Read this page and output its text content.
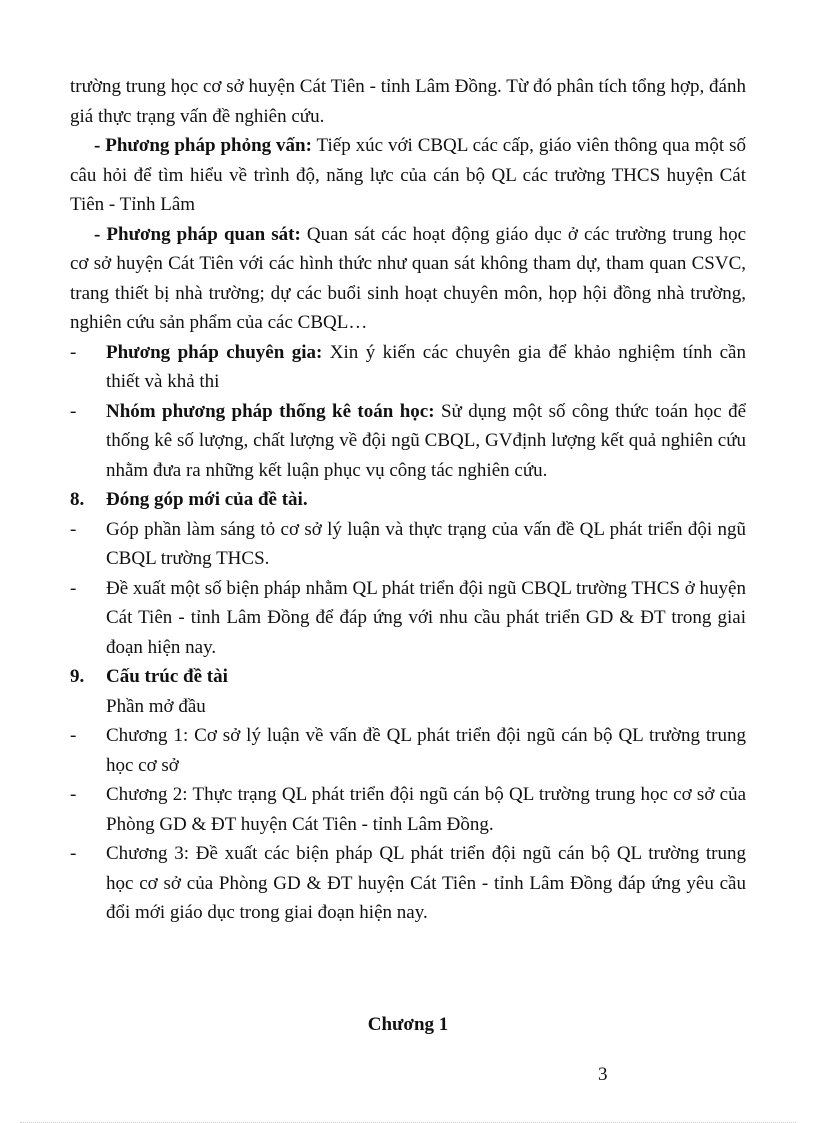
trường trung học cơ sở huyện Cát Tiên - tỉnh Lâm Đồng. Từ đó phân tích tổng hợp, đánh giá thực trạng vấn đề nghiên cứu.

- Phương pháp phỏng vấn: Tiếp xúc với CBQL các cấp, giáo viên thông qua một số câu hỏi để tìm hiểu về trình độ, năng lực của cán bộ QL các trường THCS huyện Cát Tiên - Tỉnh Lâm

- Phương pháp quan sát: Quan sát các hoạt động giáo dục ở các trường trung học cơ sở huyện Cát Tiên với các hình thức như quan sát không tham dự, tham quan CSVC, trang thiết bị nhà trường; dự các buổi sinh hoạt chuyên môn, họp hội đồng nhà trường, nghiên cứu sản phẩm của các CBQL…

- Phương pháp chuyên gia: Xin ý kiến các chuyên gia để khảo nghiệm tính cần thiết và khả thi

- Nhóm phương pháp thống kê toán học: Sử dụng một số công thức toán học để thống kê số lượng, chất lượng về đội ngũ CBQL, GVđịnh lượng kết quả nghiên cứu nhằm đưa ra những kết luận phục vụ công tác nghiên cứu.

8. Đóng góp mới của đề tài.

- Góp phần làm sáng tỏ cơ sở lý luận và thực trạng của vấn đề QL phát triển đội ngũ CBQL trường THCS.

- Đề xuất một số biện pháp nhằm QL phát triển đội ngũ CBQL trường THCS ở huyện Cát Tiên - tỉnh Lâm Đồng để đáp ứng với nhu cầu phát triển GD & ĐT trong giai đoạn hiện nay.

9. Cấu trúc đề tài

Phần mở đầu

- Chương 1: Cơ sở lý luận về vấn đề QL phát triển đội ngũ cán bộ QL trường trung học cơ sở

- Chương 2: Thực trạng QL phát triển đội ngũ cán bộ QL trường trung học cơ sở của Phòng GD & ĐT huyện Cát Tiên - tỉnh Lâm Đồng.

- Chương 3: Đề xuất các biện pháp QL phát triển đội ngũ cán bộ QL trường trung học cơ sở của Phòng GD & ĐT huyện Cát Tiên - tỉnh Lâm Đồng đáp ứng yêu cầu đổi mới giáo dục trong giai đoạn hiện nay.

Chương 1
3
